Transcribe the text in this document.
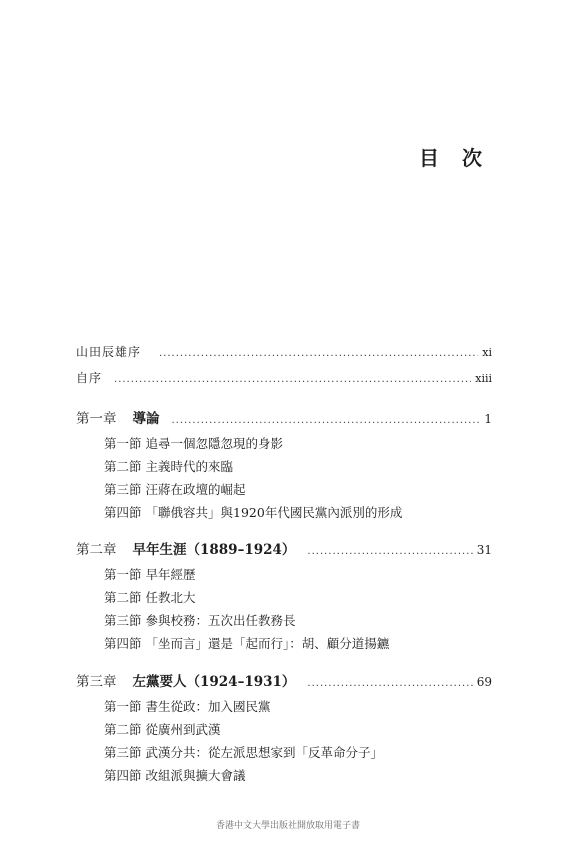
目 次
山田辰雄序 .....	xi
自序 .....	xiii
第一章 導論 .....	1
第一節 追尋一個忽隱忽現的身影
第二節 主義時代的來臨
第三節 汪蔣在政壇的崛起
第四節 「聯俄容共」與1920年代國民黨內派別的形成
第二章 早年生涯（1889–1924） .....	31
第一節 早年經歷
第二節 任教北大
第三節 參與校務：五次出任教務長
第四節 「坐而言」還是「起而行」：胡、顧分道揚鑣
第三章 左黨要人（1924–1931） .....	69
第一節 書生從政：加入國民黨
第二節 從廣州到武漢
第三節 武漢分共：從左派思想家到「反革命分子」
第四節 改組派與擴大會議
香港中文大學出版社開放取用電子書
